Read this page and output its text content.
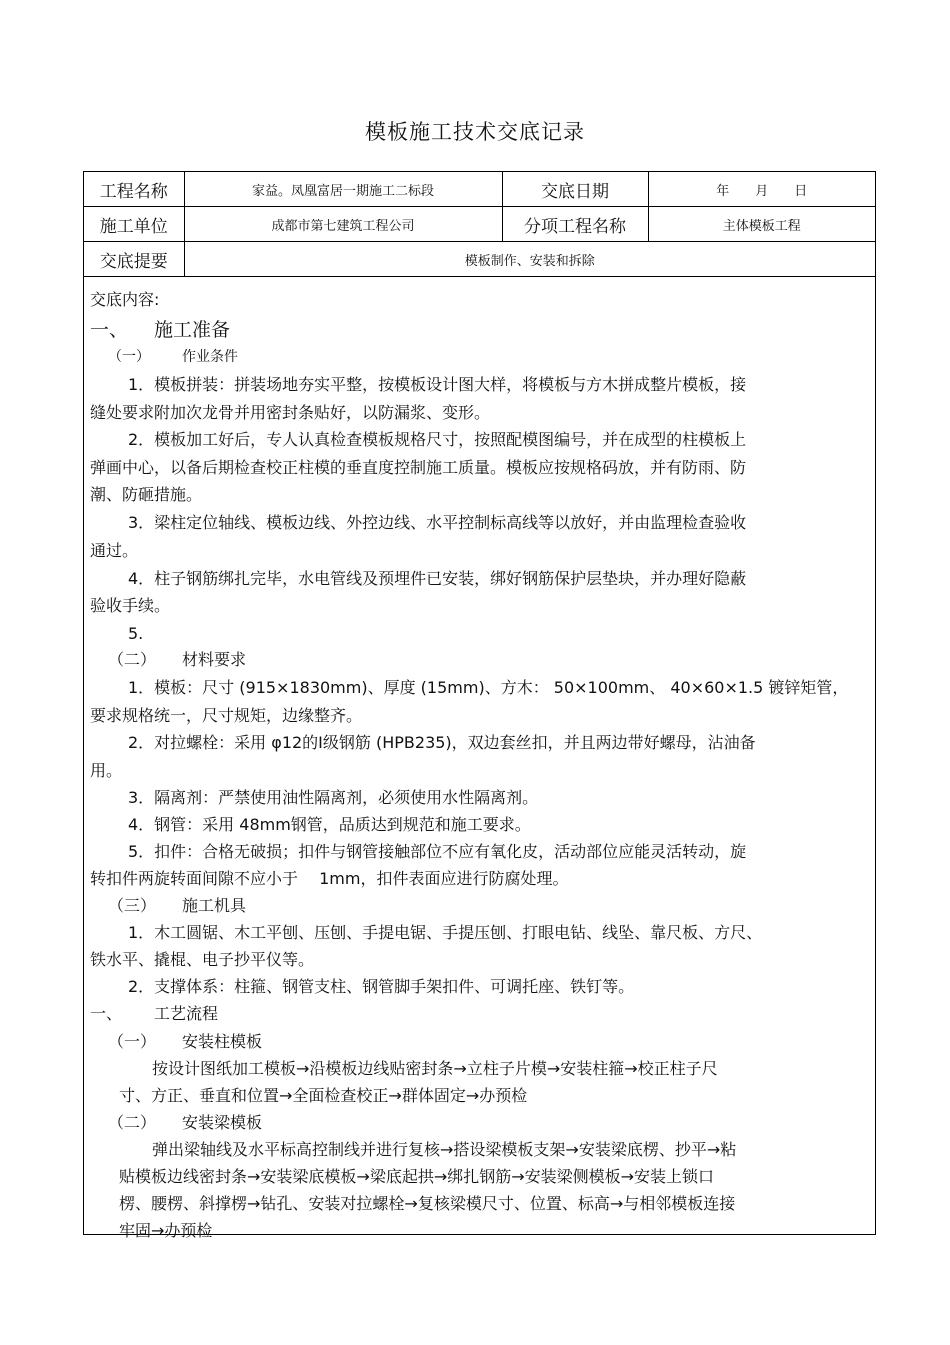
模板施工技术交底记录
工程名称	家益。凤凰富居一期施工二标段	交底日期	年　　月　　日
施工单位	成都市第七建筑工程公司	分项工程名称	主体模板工程
交底提要	模板制作、安装和拆除		
交底内容:
一、 施工准备
（一） 作业条件
1．模板拼装：拼装场地夯实平整，按模板设计图大样，将模板与方木拼成整片模板，接
缝处要求附加次龙骨并用密封条贴好，以防漏浆、变形。
2．模板加工好后，专人认真检查模板规格尺寸，按照配模图编号，并在成型的柱模板上
弹画中心，以备后期检查校正柱模的垂直度控制施工质量。模板应按规格码放，并有防雨、防
潮、防砸措施。
3．梁柱定位轴线、模板边线、外控边线、水平控制标高线等以放好，并由监理检查验收
通过。
4．柱子钢筋绑扎完毕，水电管线及预埋件已安装，绑好钢筋保护层垫块，并办理好隐蔽
验收手续。
5.
（二） 材料要求
1．模板：尺寸 (915×1830mm)、厚度 (15mm)、方木： 50×100mm、 40×60×1.5 镀锌矩管，
要求规格统一，尺寸规矩，边缘整齐。
2．对拉螺栓：采用 φ12的Ⅰ级钢筋 (HPB235)，双边套丝扣，并且两边带好螺母，沾油备
用。
3．隔离剂：严禁使用油性隔离剂，必须使用水性隔离剂。
4．钢管：采用 48mm钢管，品质达到规范和施工要求。
5．扣件：合格无破损；扣件与钢管接触部位不应有氧化皮，活动部位应能灵活转动，旋
转扣件两旋转面间隙不应小于　 1mm，扣件表面应进行防腐处理。
（三） 施工机具
1．木工圆锯、木工平刨、压刨、手提电锯、手提压刨、打眼电钻、线坠、靠尺板、方尺、
铁水平、撬棍、电子抄平仪等。
2．支撑体系：柱箍、钢管支柱、钢管脚手架扣件、可调托座、铁钉等。
一、 工艺流程
（一） 安装柱模板
按设计图纸加工模板→沿模板边线贴密封条→立柱子片模→安装柱箍→校正柱子尺
寸、方正、垂直和位置→全面检查校正→群体固定→办预检
（二） 安装梁模板
弹出梁轴线及水平标高控制线并进行复核→搭设梁模板支架→安装梁底楞、抄平→粘
贴模板边线密封条→安装梁底模板→梁底起拱→绑扎钢筋→安装梁侧模板→安装上锁口
楞、腰楞、斜撑楞→钻孔、安装对拉螺栓→复核梁模尺寸、位置、标高→与相邻模板连接
牢固→办预检
